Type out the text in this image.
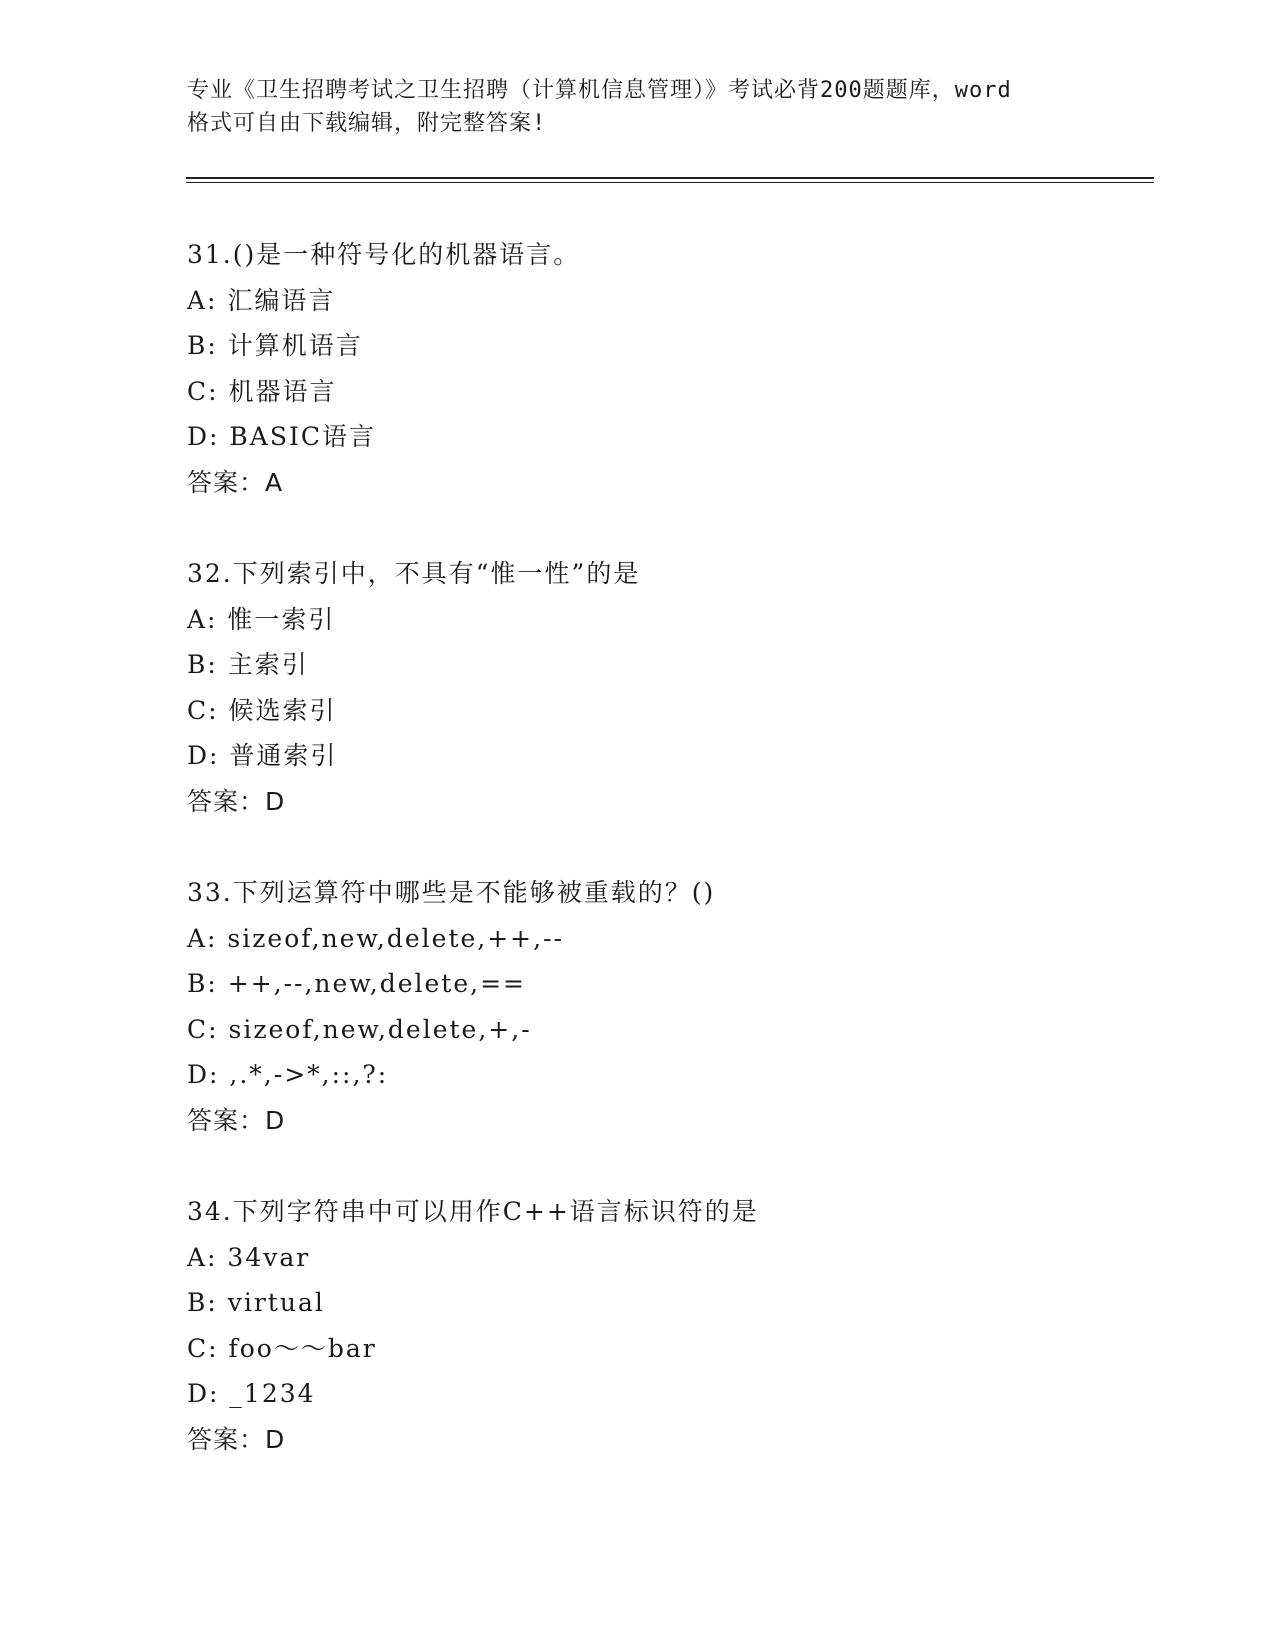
专业《卫生招聘考试之卫生招聘（计算机信息管理）》考试必背200题题库，word
格式可自由下载编辑，附完整答案!
31.()是一种符号化的机器语言。
A: 汇编语言
B: 计算机语言
C: 机器语言
D: BASIC语言
答案：A
32.下列索引中，不具有“惟一性”的是
A: 惟一索引
B: 主索引
C: 候选索引
D: 普通索引
答案：D
33.下列运算符中哪些是不能够被重载的？()
A: sizeof,new,delete,++,--
B: ++,--,new,delete,==
C: sizeof,new,delete,+,-
D: ,.*,->*,::,?:
答案：D
34.下列字符串中可以用作C++语言标识符的是
A: 34var
B: virtual
C: foo～～bar
D: _1234
答案：D
